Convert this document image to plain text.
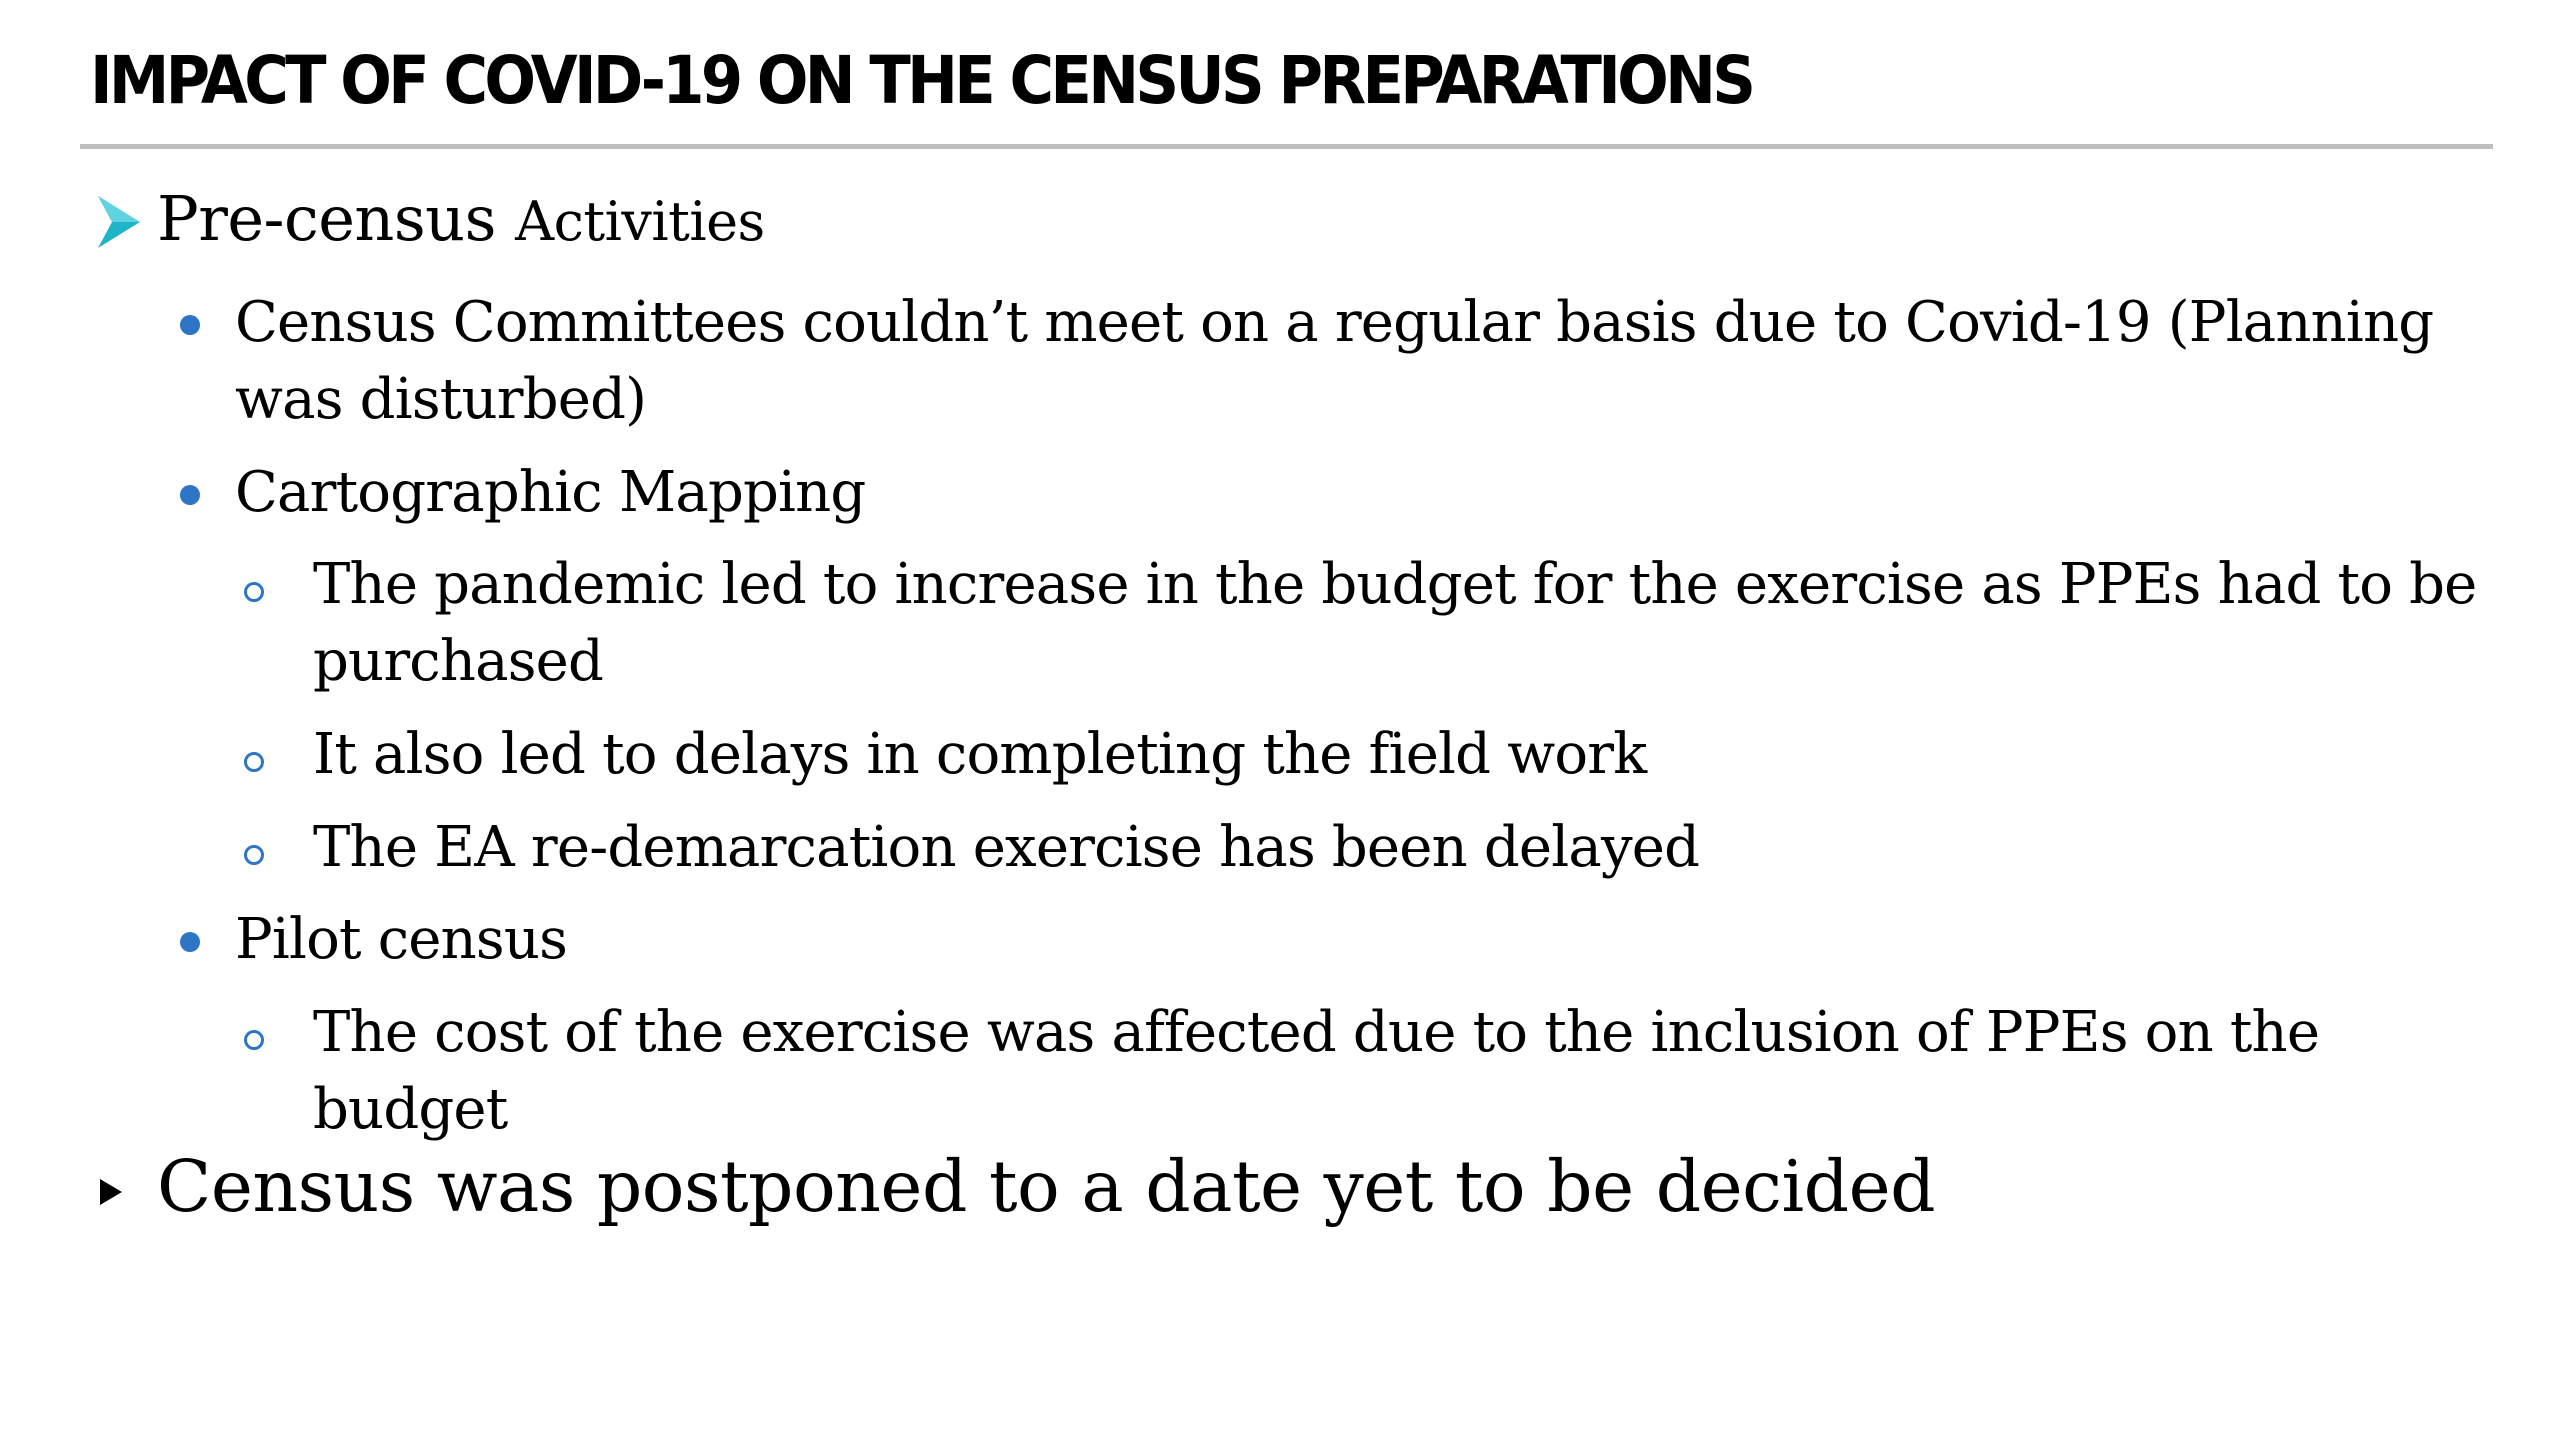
IMPACT OF COVID-19 ON THE CENSUS PREPARATIONS

Pre-census Activities

Census Committees couldn’t meet on a regular basis due to Covid-19 (Planning

was disturbed)

Cartographic Mapping

The pandemic led to increase in the budget for the exercise as PPEs had to be

purchased

It also led to delays in completing the field work

The EA re-demarcation exercise has been delayed

Pilot census

The cost of the exercise was affected due to the inclusion of PPEs on the

budget

Census was postponed to a date yet to be decided
